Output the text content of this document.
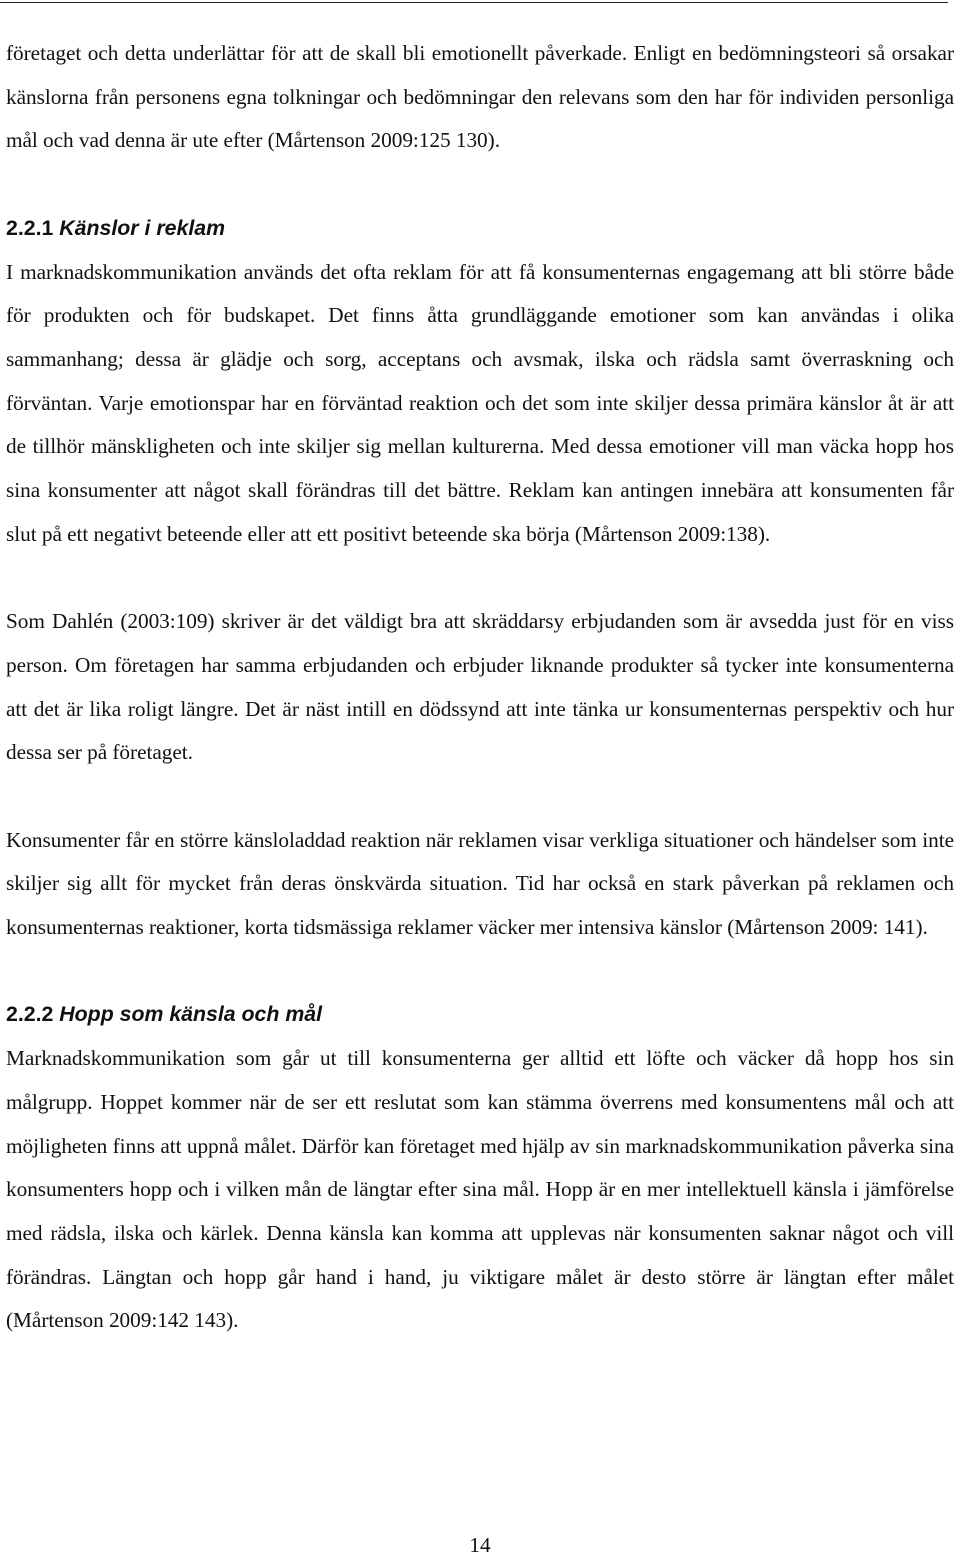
företaget och detta underlättar för att de skall bli emotionellt påverkade. Enligt en bedömningsteori så orsakar känslorna från personens egna tolkningar och bedömningar den relevans som den har för individen personliga mål och vad denna är ute efter (Mårtenson 2009:125 130).

2.2.1 Känslor i reklam

I marknadskommunikation används det ofta reklam för att få konsumenternas engagemang att bli större både för produkten och för budskapet. Det finns åtta grundläggande emotioner som kan användas i olika sammanhang; dessa är glädje och sorg, acceptans och avsmak, ilska och rädsla samt överraskning och förväntan. Varje emotionspar har en förväntad reaktion och det som inte skiljer dessa primära känslor åt är att de tillhör mänskligheten och inte skiljer sig mellan kulturerna. Med dessa emotioner vill man väcka hopp hos sina konsumenter att något skall förändras till det bättre. Reklam kan antingen innebära att konsumenten får slut på ett negativt beteende eller att ett positivt beteende ska börja (Mårtenson 2009:138).

Som Dahlén (2003:109) skriver är det väldigt bra att skräddarsy erbjudanden som är avsedda just för en viss person. Om företagen har samma erbjudanden och erbjuder liknande produkter så tycker inte konsumenterna att det är lika roligt längre. Det är näst intill en dödssynd att inte tänka ur konsumenternas perspektiv och hur dessa ser på företaget.

Konsumenter får en större känsloladdad reaktion när reklamen visar verkliga situationer och händelser som inte skiljer sig allt för mycket från deras önskvärda situation. Tid har också en stark påverkan på reklamen och konsumenternas reaktioner, korta tidsmässiga reklamer väcker mer intensiva känslor (Mårtenson 2009: 141).

2.2.2 Hopp som känsla och mål

Marknadskommunikation som går ut till konsumenterna ger alltid ett löfte och väcker då hopp hos sin målgrupp. Hoppet kommer när de ser ett reslutat som kan stämma överrens med konsumentens mål och att möjligheten finns att uppnå målet. Därför kan företaget med hjälp av sin marknadskommunikation påverka sina konsumenters hopp och i vilken mån de längtar efter sina mål. Hopp är en mer intellektuell känsla i jämförelse med rädsla, ilska och kärlek. Denna känsla kan komma att upplevas när konsumenten saknar något och vill förändras. Längtan och hopp går hand i hand, ju viktigare målet är desto större är längtan efter målet (Mårtenson 2009:142 143).

14
